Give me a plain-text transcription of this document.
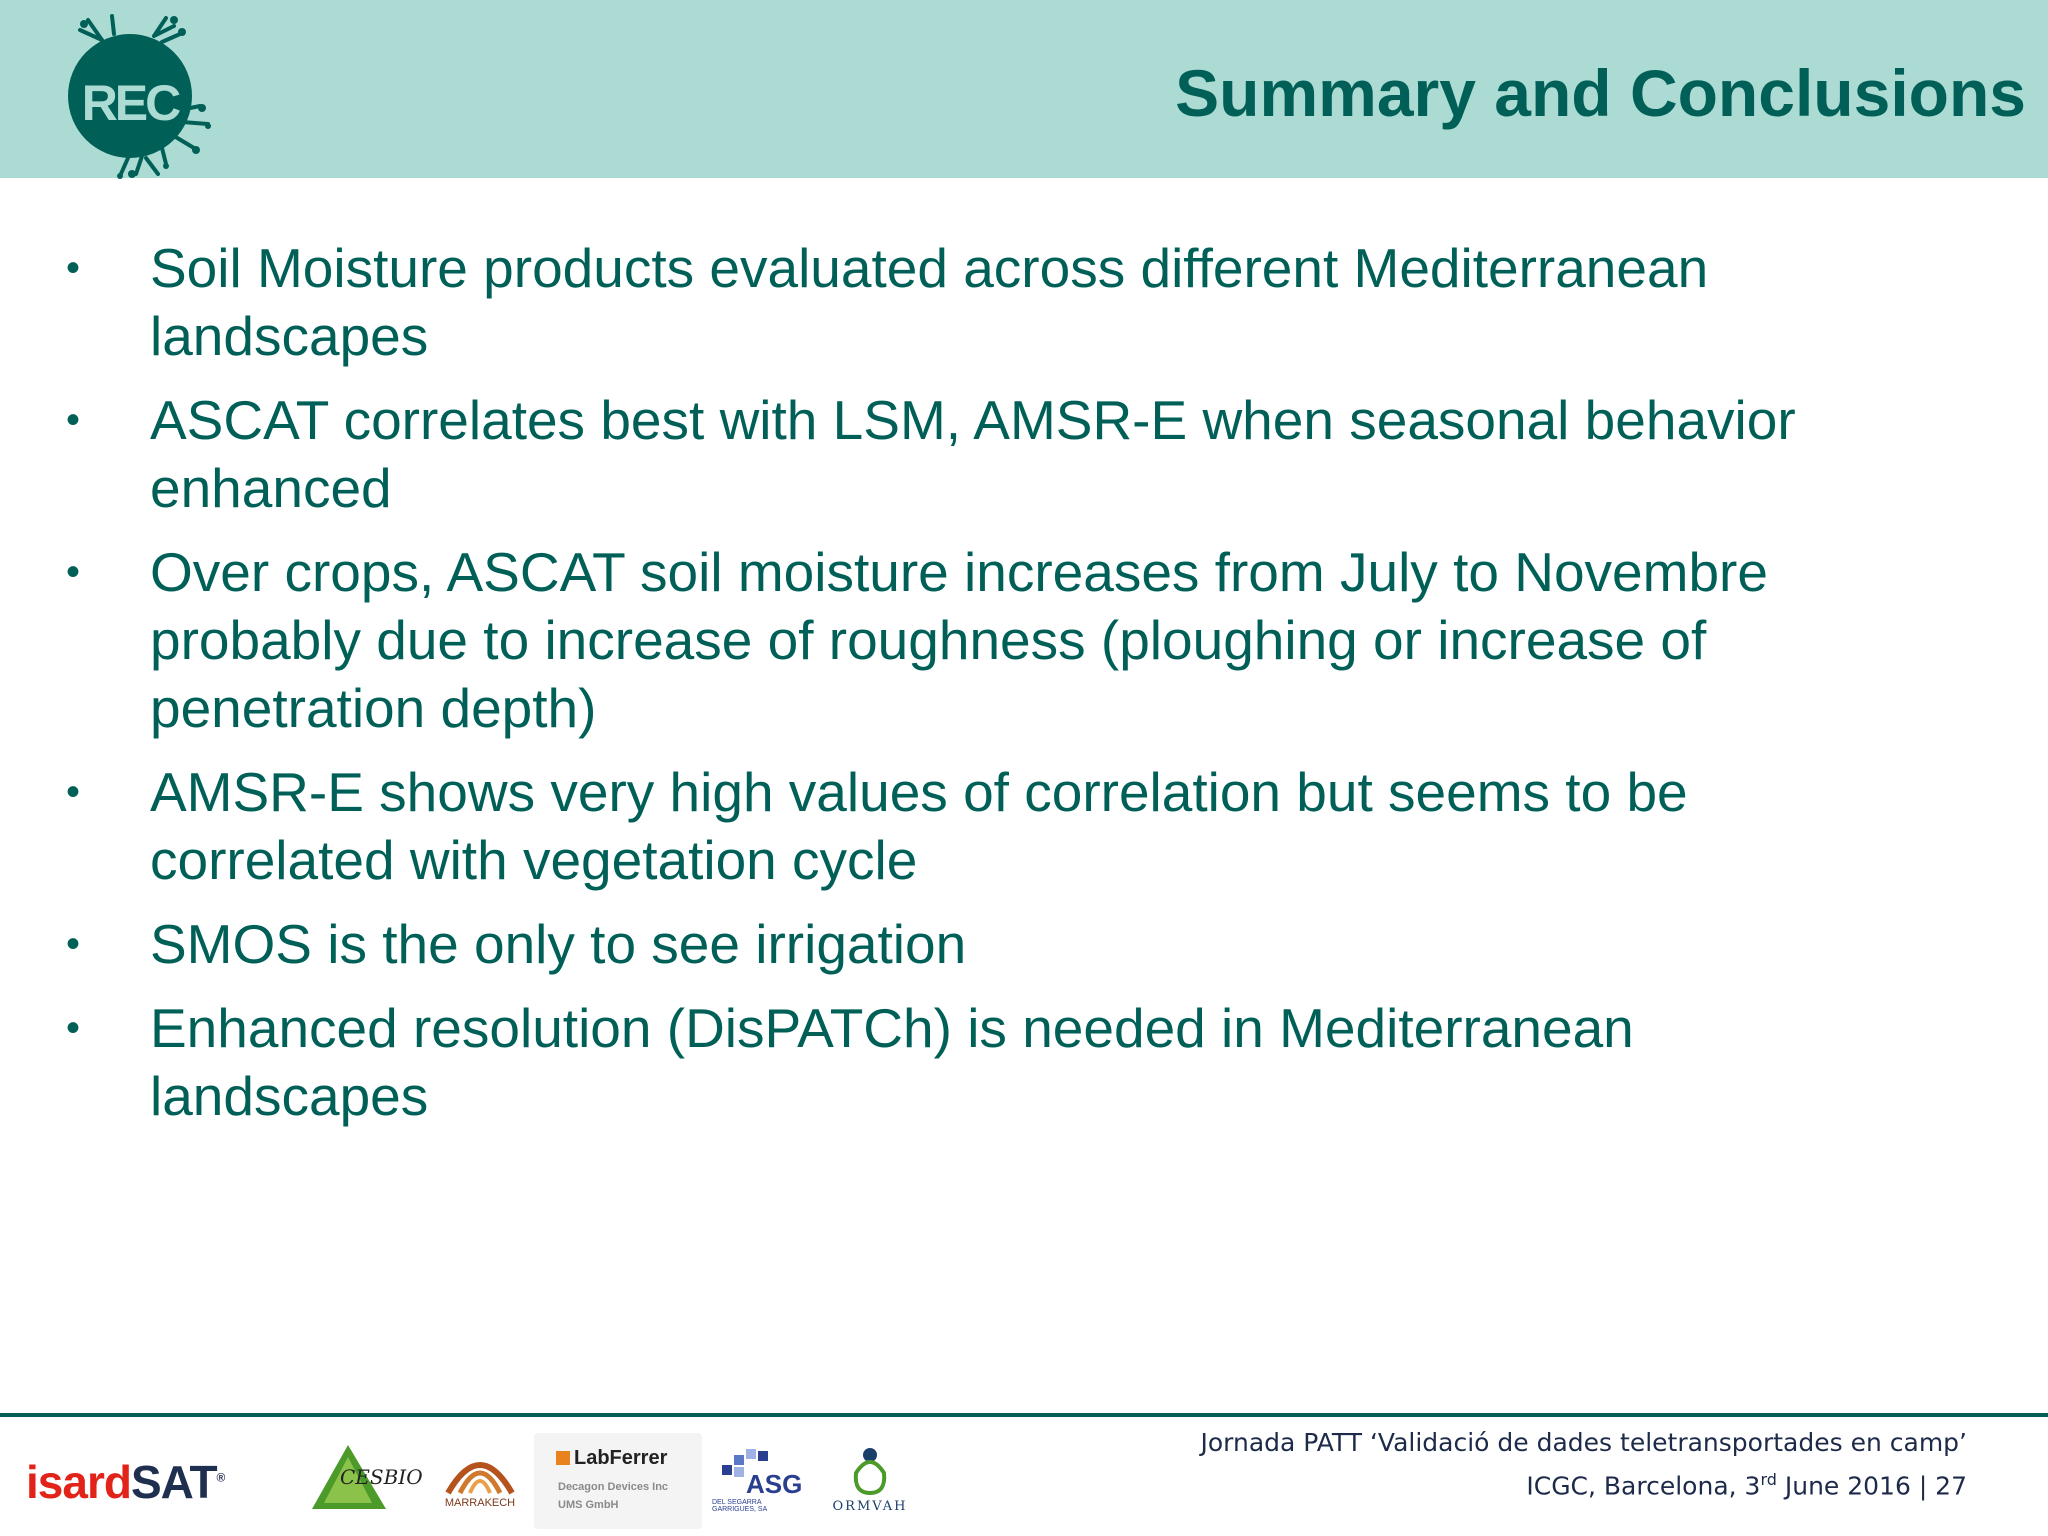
REC	Summary and Conclusions
• Soil Moisture products evaluated across different Mediterranean
landscapes
• ASCAT correlates best with LSM, AMSR-E when seasonal behavior
enhanced
• Over crops, ASCAT soil moisture increases from July to Novembre
probably due to increase of roughness (ploughing or increase of
penetration depth)
• AMSR-E shows very high values of correlation but seems to be
correlated with vegetation cycle
• SMOS is the only to see irrigation
• Enhanced resolution (DisPATCh) is needed in Mediterranean
landscapes
isardSAT®	CESBIO
MARRAKECH
LabFerrer
Decagon Devices Inc
UMS GmbH
ASG
DEL SEGARRA GARRIGUES, SA	ORMVAH
Jornada PATT ‘Validació de dades teletransportades en camp’
ICGC, Barcelona, 3rd June 2016 | 27
